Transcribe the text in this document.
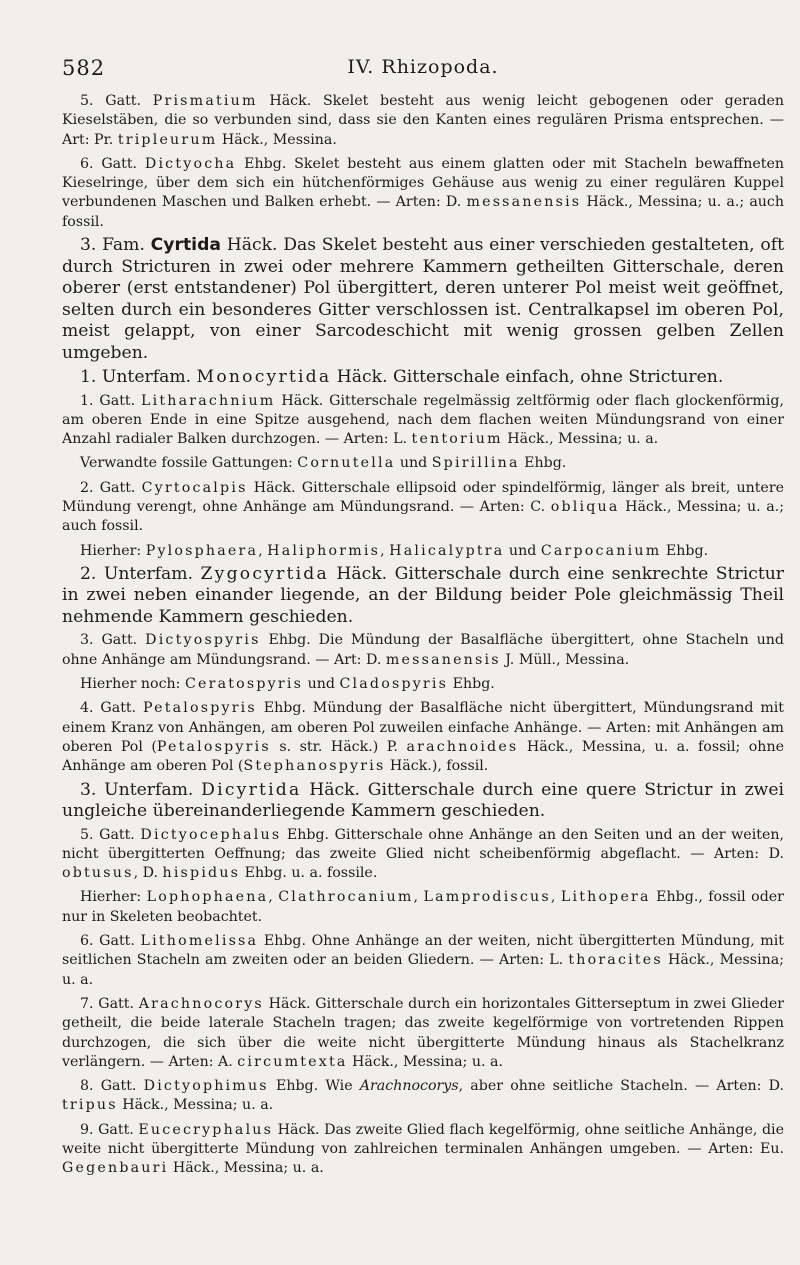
582	IV. Rhizopoda.

5. Gatt. Prismatium Häck. Skelet besteht aus wenig leicht gebogenen oder geraden Kieselstäben, die so verbunden sind, dass sie den Kanten eines regulären Prisma entsprechen. — Art: Pr. tripleurum Häck., Messina.

6. Gatt. Dictyocha Ehbg. Skelet besteht aus einem glatten oder mit Stacheln bewaffneten Kieselringe, über dem sich ein hütchenförmiges Gehäuse aus wenig zu einer regulären Kuppel verbundenen Maschen und Balken erhebt. — Arten: D. messanensis Häck., Messina; u. a.; auch fossil.

3. Fam. Cyrtida Häck. Das Skelet besteht aus einer verschieden gestalteten, oft durch Stricturen in zwei oder mehrere Kammern getheilten Gitterschale, deren oberer (erst entstandener) Pol übergittert, deren unterer Pol meist weit geöffnet, selten durch ein besonderes Gitter verschlossen ist. Centralkapsel im oberen Pol, meist gelappt, von einer Sarcodeschicht mit wenig grossen gelben Zellen umgeben.

1. Unterfam. Monocyrtida Häck. Gitterschale einfach, ohne Stricturen.

1. Gatt. Litharachnium Häck. Gitterschale regelmässig zeltförmig oder flach glockenförmig, am oberen Ende in eine Spitze ausgehend, nach dem flachen weiten Mündungsrand von einer Anzahl radialer Balken durchzogen. — Arten: L. tentorium Häck., Messina; u. a.

Verwandte fossile Gattungen: Cornutella und Spirillina Ehbg.

2. Gatt. Cyrtocalpis Häck. Gitterschale ellipsoid oder spindelförmig, länger als breit, untere Mündung verengt, ohne Anhänge am Mündungsrand. — Arten: C. obliqua Häck., Messina; u. a.; auch fossil.

Hierher: Pylosphaera, Haliphormis, Halicalyptra und Carpocanium Ehbg.

2. Unterfam. Zygocyrtida Häck. Gitterschale durch eine senkrechte Strictur in zwei neben einander liegende, an der Bildung beider Pole gleichmässig Theil nehmende Kammern geschieden.

3. Gatt. Dictyospyris Ehbg. Die Mündung der Basalfläche übergittert, ohne Stacheln und ohne Anhänge am Mündungsrand. — Art: D. messanensis J. Müll., Messina.

Hierher noch: Ceratospyris und Cladospyris Ehbg.

4. Gatt. Petalospyris Ehbg. Mündung der Basalfläche nicht übergittert, Mündungsrand mit einem Kranz von Anhängen, am oberen Pol zuweilen einfache Anhänge. — Arten: mit Anhängen am oberen Pol (Petalospyris s. str. Häck.) P. arachnoides Häck., Messina, u. a. fossil; ohne Anhänge am oberen Pol (Stephanospyris Häck.), fossil.

3. Unterfam. Dicyrtida Häck. Gitterschale durch eine quere Strictur in zwei ungleiche übereinanderliegende Kammern geschieden.

5. Gatt. Dictyocephalus Ehbg. Gitterschale ohne Anhänge an den Seiten und an der weiten, nicht übergitterten Oeffnung; das zweite Glied nicht scheibenförmig abgeflacht. — Arten: D. obtusus, D. hispidus Ehbg. u. a. fossile.

Hierher: Lophophaena, Clathrocanium, Lamprodiscus, Lithopera Ehbg., fossil oder nur in Skeleten beobachtet.

6. Gatt. Lithomelissa Ehbg. Ohne Anhänge an der weiten, nicht übergitterten Mündung, mit seitlichen Stacheln am zweiten oder an beiden Gliedern. — Arten: L. thoracites Häck., Messina; u. a.

7. Gatt. Arachnocorys Häck. Gitterschale durch ein horizontales Gitterseptum in zwei Glieder getheilt, die beide laterale Stacheln tragen; das zweite kegelförmige von vortretenden Rippen durchzogen, die sich über die weite nicht übergitterte Mündung hinaus als Stachelkranz verlängern. — Arten: A. circumtexta Häck., Messina; u. a.

8. Gatt. Dictyophimus Ehbg. Wie Arachnocorys, aber ohne seitliche Stacheln. — Arten: D. tripus Häck., Messina; u. a.

9. Gatt. Eucecryphalus Häck. Das zweite Glied flach kegelförmig, ohne seitliche Anhänge, die weite nicht übergitterte Mündung von zahlreichen terminalen Anhängen umgeben. — Arten: Eu. Gegenbauri Häck., Messina; u. a.
